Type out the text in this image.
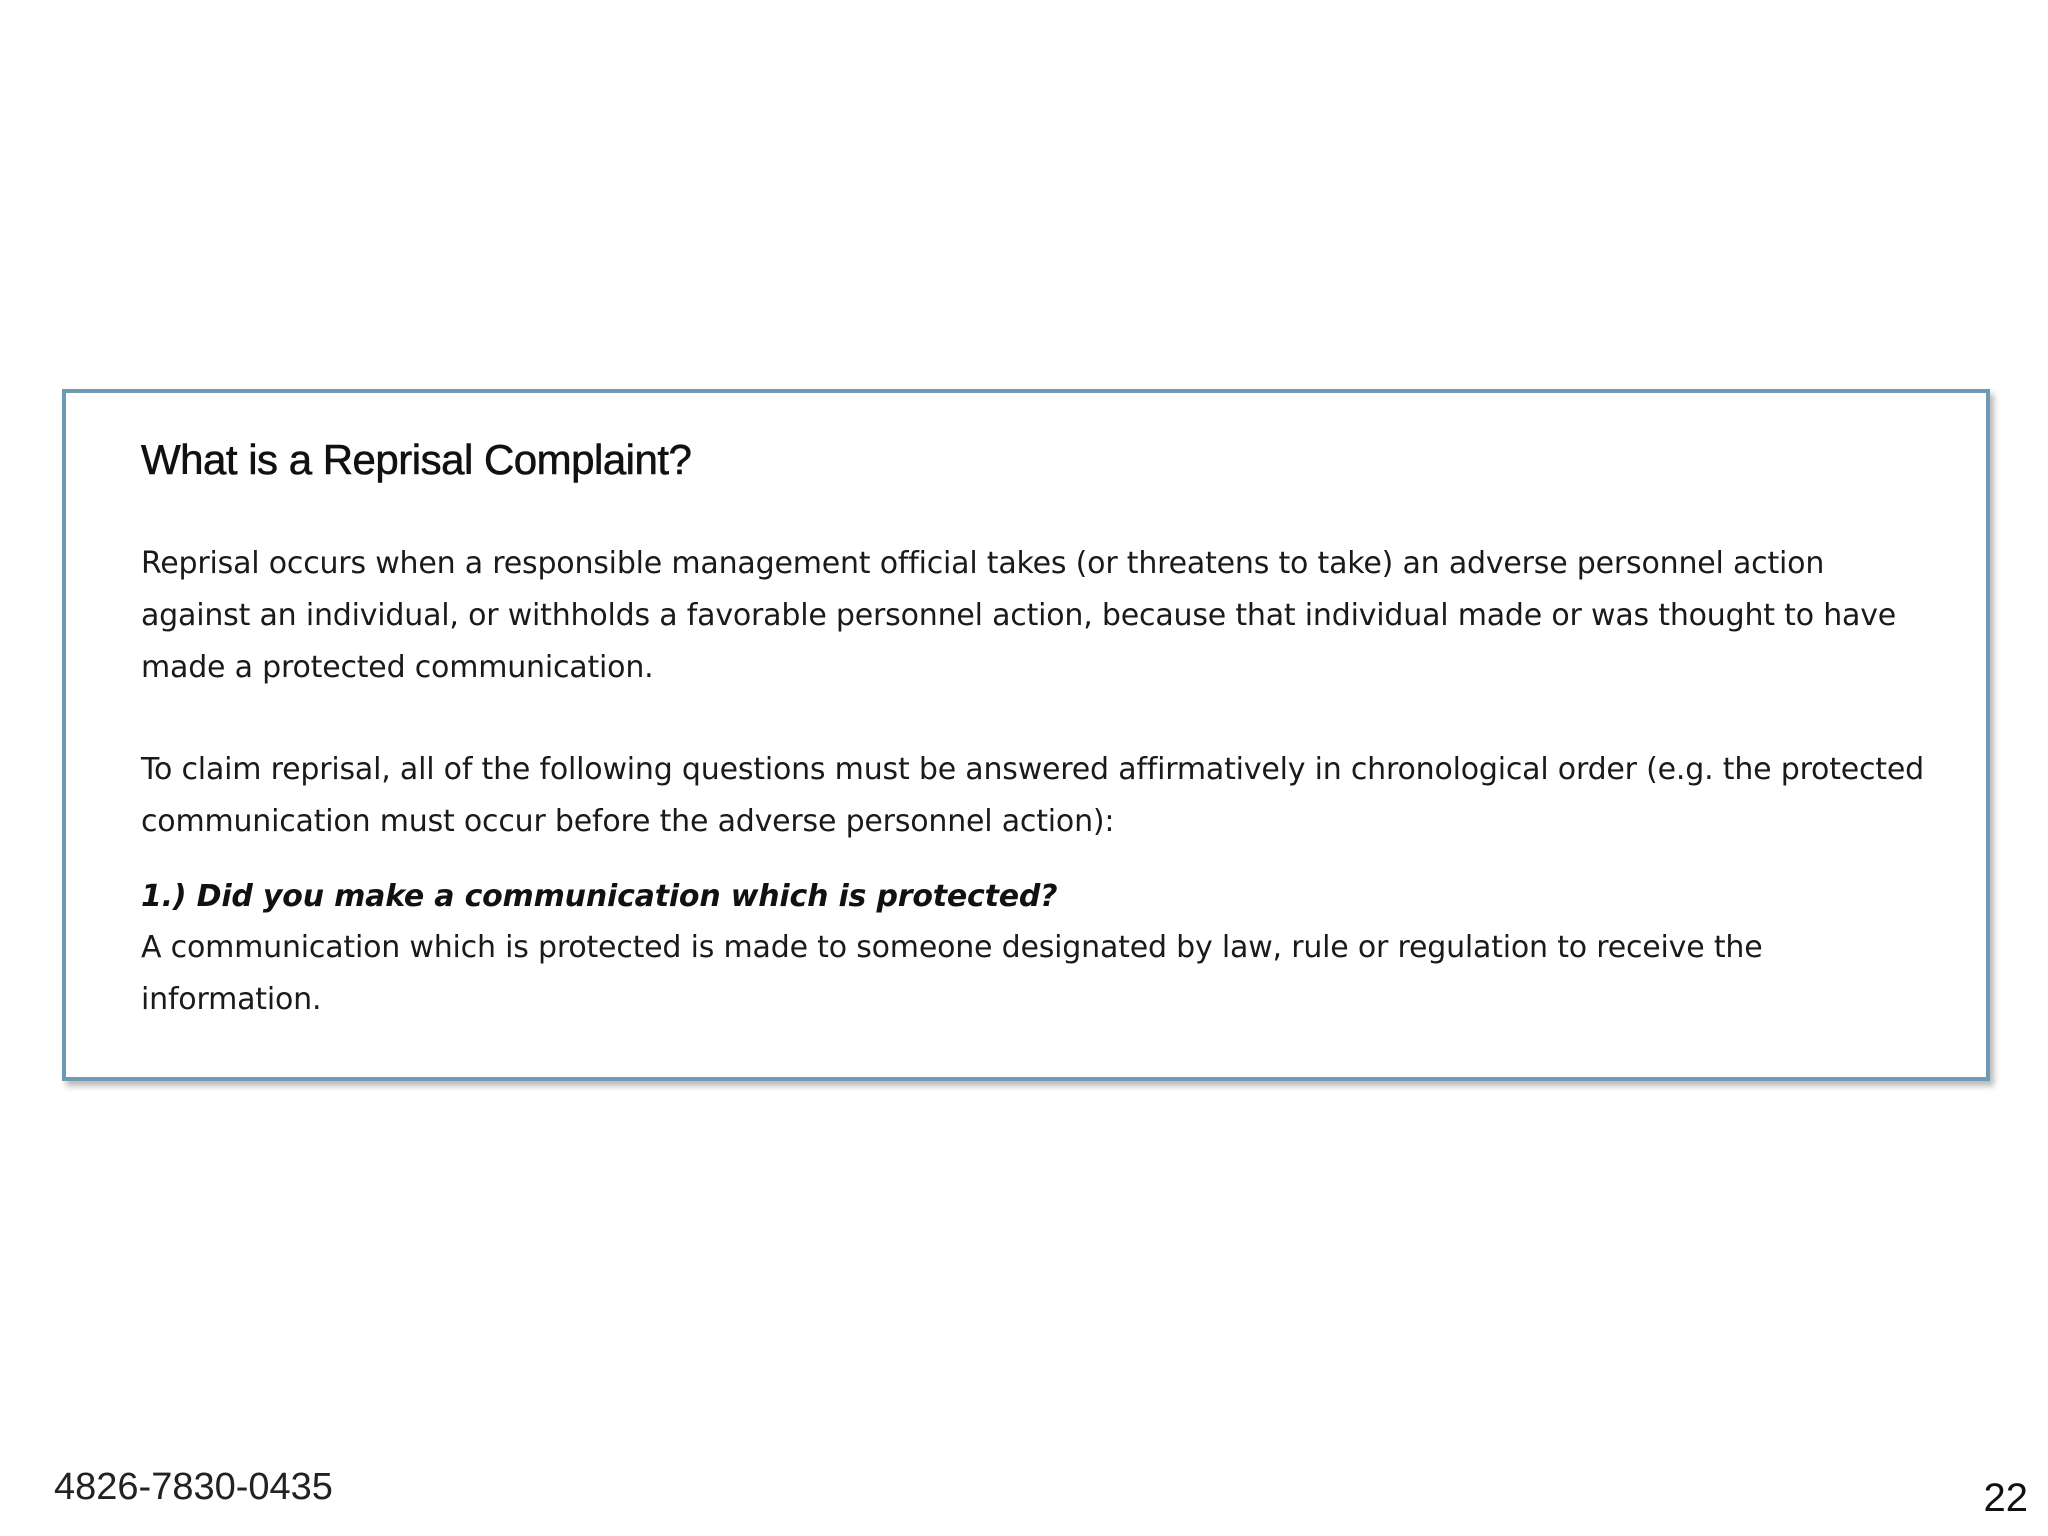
What is a Reprisal Complaint?

Reprisal occurs when a responsible management official takes (or threatens to take) an adverse personnel action against an individual, or withholds a favorable personnel action, because that individual made or was thought to have made a protected communication.

To claim reprisal, all of the following questions must be answered affirmatively in chronological order (e.g. the protected communication must occur before the adverse personnel action):

1.) Did you make a communication which is protected?

A communication which is protected is made to someone designated by law, rule or regulation to receive the information.

4826-7830-0435	22
